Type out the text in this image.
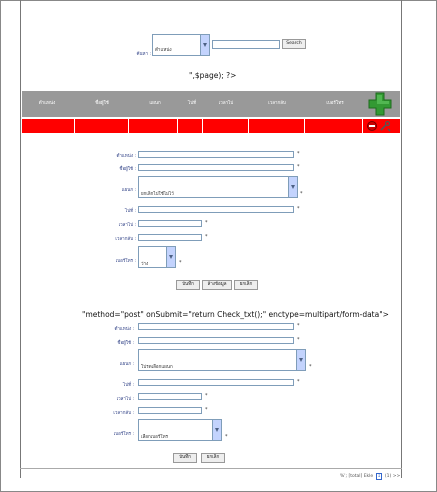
ค้นหา :
ตำแหน่ง
Search
",$page); ?>
ตำแหน่ง	ชื่อผู้ใช้	แผนก	ไปที่	เวลาไป	เวลากลับ	เบอร์โทร
ตำแหน่ง :	*
ชื่อผู้ใช้ :	*
แผนก :
ยกเลิกไปใช้ไม่ไว้	*
ไปที่ :	*
เวลาไป :	*
เวลากลับ :	*
เบอร์โทร :
ว่าง	*
บันทึก	ล้างข้อมูล	ยกเลิก
"method="post" onSubmit="return Check_txt();" enctype=multipart/form-data">
ตำแหน่ง :
*
ชื่อผู้ใช้ :
*
แผนก :
โปรดเลือกแผนก	*
ไปที่ :
*
เวลาไป :
*
เวลากลับ :
*
เบอร์โทร :
เลือกเบอร์โทร	*
บันทึก	ยกเลิก
%'; [total] Ekle 1 (1) >>
